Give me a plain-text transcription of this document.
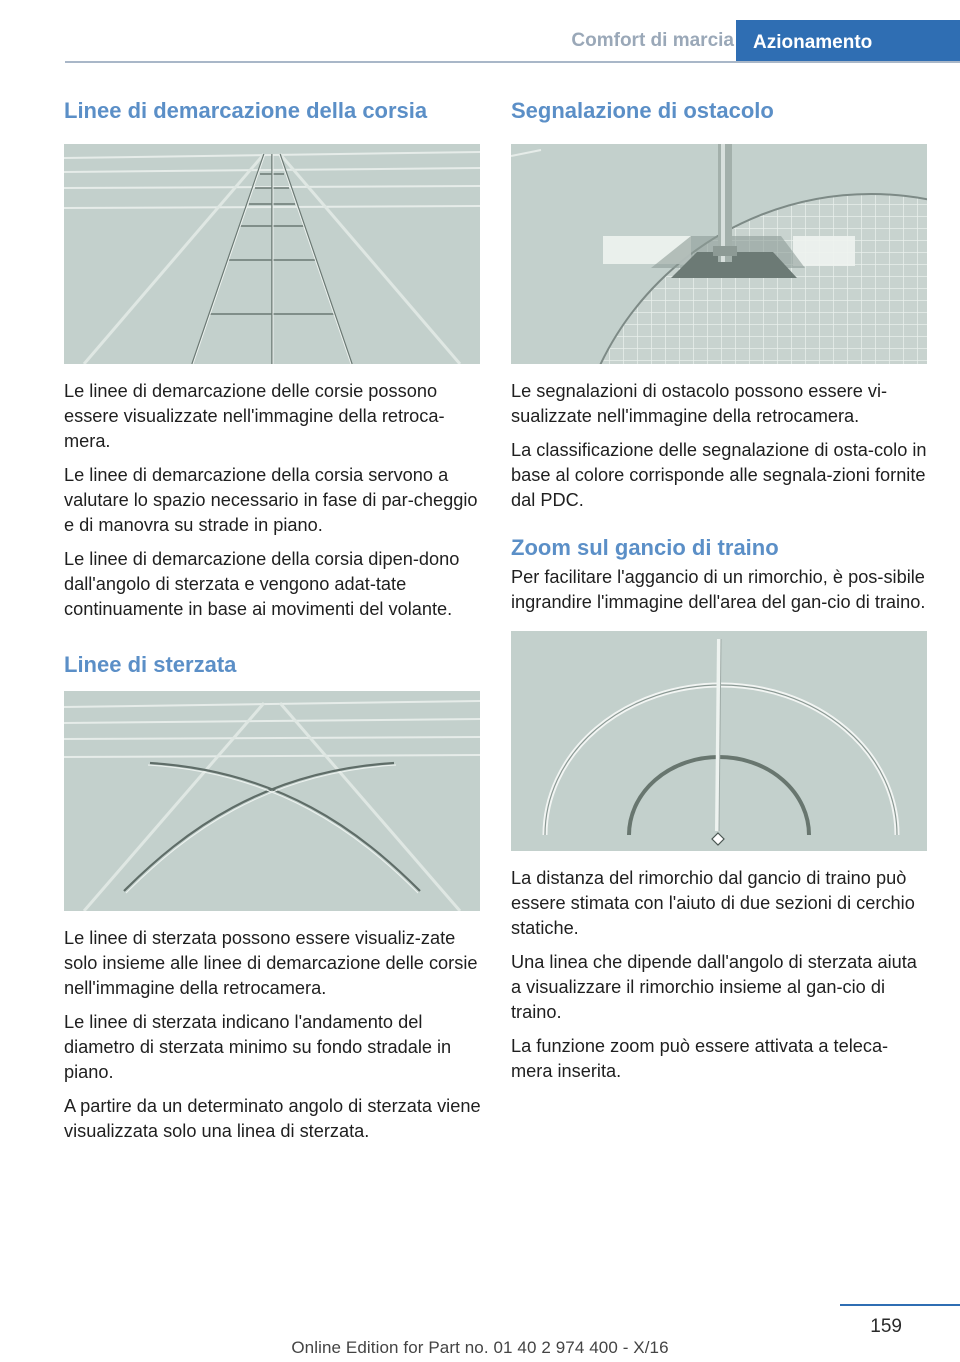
Comfort di marcia	Azionamento
Linee di demarcazione della corsia

Le linee di demarcazione delle corsie possono essere visualizzate nell'immagine della retroca-mera.

Le linee di demarcazione della corsia servono a valutare lo spazio necessario in fase di par-cheggio e di manovra su strade in piano.

Le linee di demarcazione della corsia dipen-dono dall'angolo di sterzata e vengono adat-tate continuamente in base ai movimenti del volante.

Linee di sterzata

Le linee di sterzata possono essere visualiz-zate solo insieme alle linee di demarcazione delle corsie nell'immagine della retrocamera.

Le linee di sterzata indicano l'andamento del diametro di sterzata minimo su fondo stradale in piano.

A partire da un determinato angolo di sterzata viene visualizzata solo una linea di sterzata.

Segnalazione di ostacolo

Le segnalazioni di ostacolo possono essere vi-sualizzate nell'immagine della retrocamera.

La classificazione delle segnalazione di osta-colo in base al colore corrisponde alle segnala-zioni fornite dal PDC.

Zoom sul gancio di traino

Per facilitare l'aggancio di un rimorchio, è pos-sibile ingrandire l'immagine dell'area del gan-cio di traino.

La distanza del rimorchio dal gancio di traino può essere stimata con l'aiuto di due sezioni di cerchio statiche.

Una linea che dipende dall'angolo di sterzata aiuta a visualizzare il rimorchio insieme al gan-cio di traino.

La funzione zoom può essere attivata a teleca-mera inserita.

159
Online Edition for Part no. 01 40 2 974 400 - X/16
